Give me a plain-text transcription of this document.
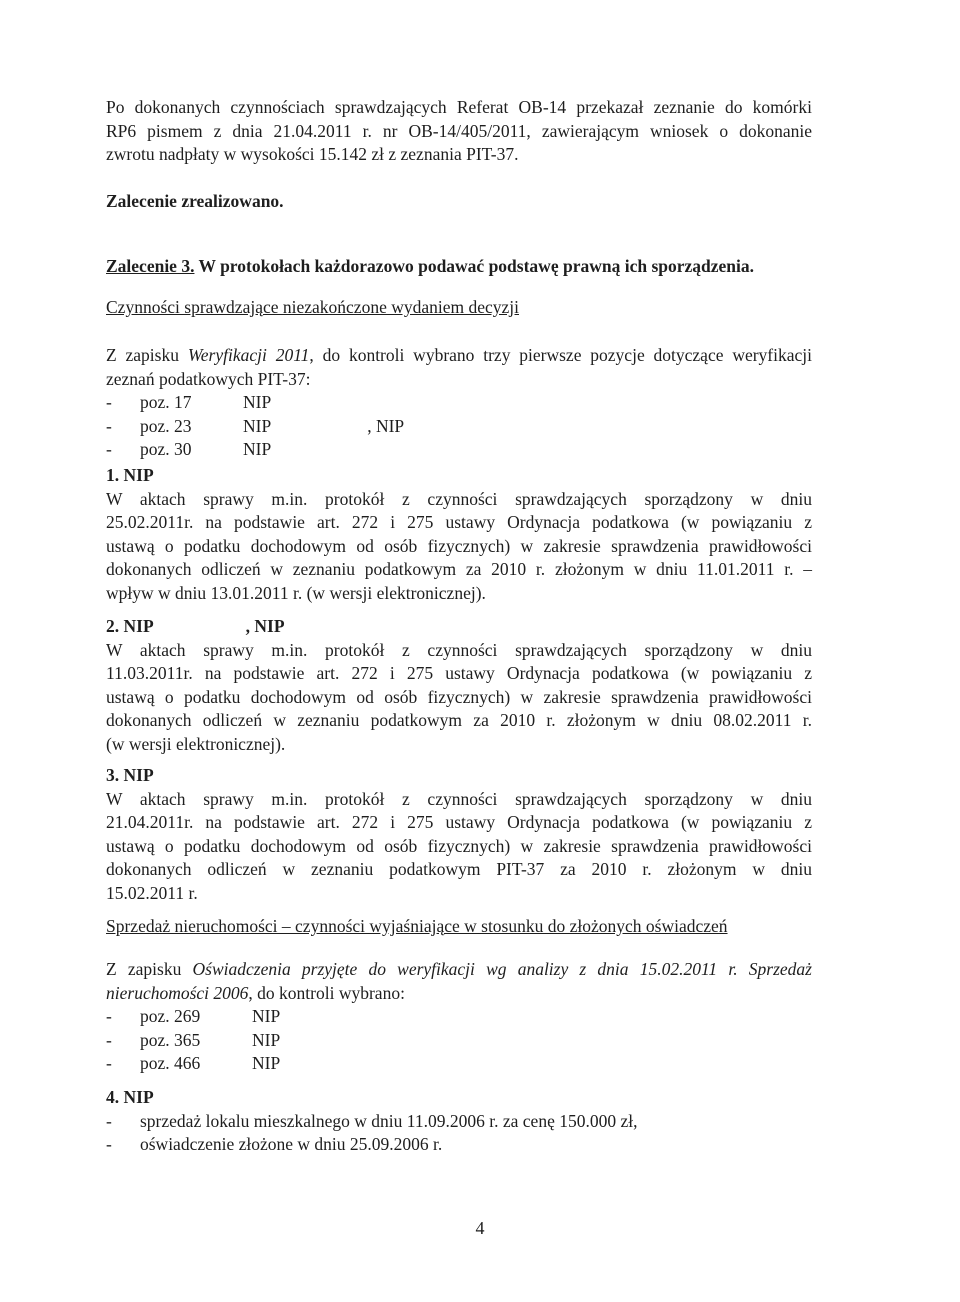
Po dokonanych czynnościach sprawdzających Referat OB-14 przekazał zeznanie do komórki
RP6 pismem z dnia 21.04.2011 r. nr OB-14/405/2011, zawierającym wniosek o dokonanie
zwrotu nadpłaty w wysokości 15.142 zł z zeznania PIT-37.
Zalecenie zrealizowano.
Zalecenie 3. W protokołach każdorazowo podawać podstawę prawną ich sporządzenia.
Czynności sprawdzające niezakończone wydaniem decyzji
Z zapisku Weryfikacji 2011, do kontroli wybrano trzy pierwsze pozycje dotyczące weryfikacji
zeznań podatkowych PIT-37:
- poz. 17	NIP
- poz. 23	NIP	, NIP
- poz. 30	NIP
1. NIP
W aktach sprawy m.in. protokół z czynności sprawdzających sporządzony w dniu
25.02.2011r. na podstawie art. 272 i 275 ustawy Ordynacja podatkowa (w powiązaniu z
ustawą o podatku dochodowym od osób fizycznych) w zakresie sprawdzenia prawidłowości
dokonanych odliczeń w zeznaniu podatkowym za 2010 r. złożonym w dniu 11.01.2011 r. –
wpływ w dniu 13.01.2011 r. (w wersji elektronicznej).
2. NIP	, NIP
W aktach sprawy m.in. protokół z czynności sprawdzających sporządzony w dniu
11.03.2011r. na podstawie art. 272 i 275 ustawy Ordynacja podatkowa (w powiązaniu z
ustawą o podatku dochodowym od osób fizycznych) w zakresie sprawdzenia prawidłowości
dokonanych odliczeń w zeznaniu podatkowym za 2010 r. złożonym w dniu 08.02.2011 r.
(w wersji elektronicznej).
3. NIP
W aktach sprawy m.in. protokół z czynności sprawdzających sporządzony w dniu
21.04.2011r. na podstawie art. 272 i 275 ustawy Ordynacja podatkowa (w powiązaniu z
ustawą o podatku dochodowym od osób fizycznych) w zakresie sprawdzenia prawidłowości
dokonanych odliczeń w zeznaniu podatkowym PIT-37 za 2010 r. złożonym w dniu
15.02.2011 r.
Sprzedaż nieruchomości – czynności wyjaśniające w stosunku do złożonych oświadczeń
Z zapisku Oświadczenia przyjęte do weryfikacji wg analizy z dnia 15.02.2011 r. Sprzedaż
nieruchomości 2006, do kontroli wybrano:
- poz. 269	NIP
- poz. 365	NIP
- poz. 466	NIP
4. NIP
- sprzedaż lokalu mieszkalnego w dniu 11.09.2006 r. za cenę 150.000 zł,
- oświadczenie złożone w dniu 25.09.2006 r.
4
